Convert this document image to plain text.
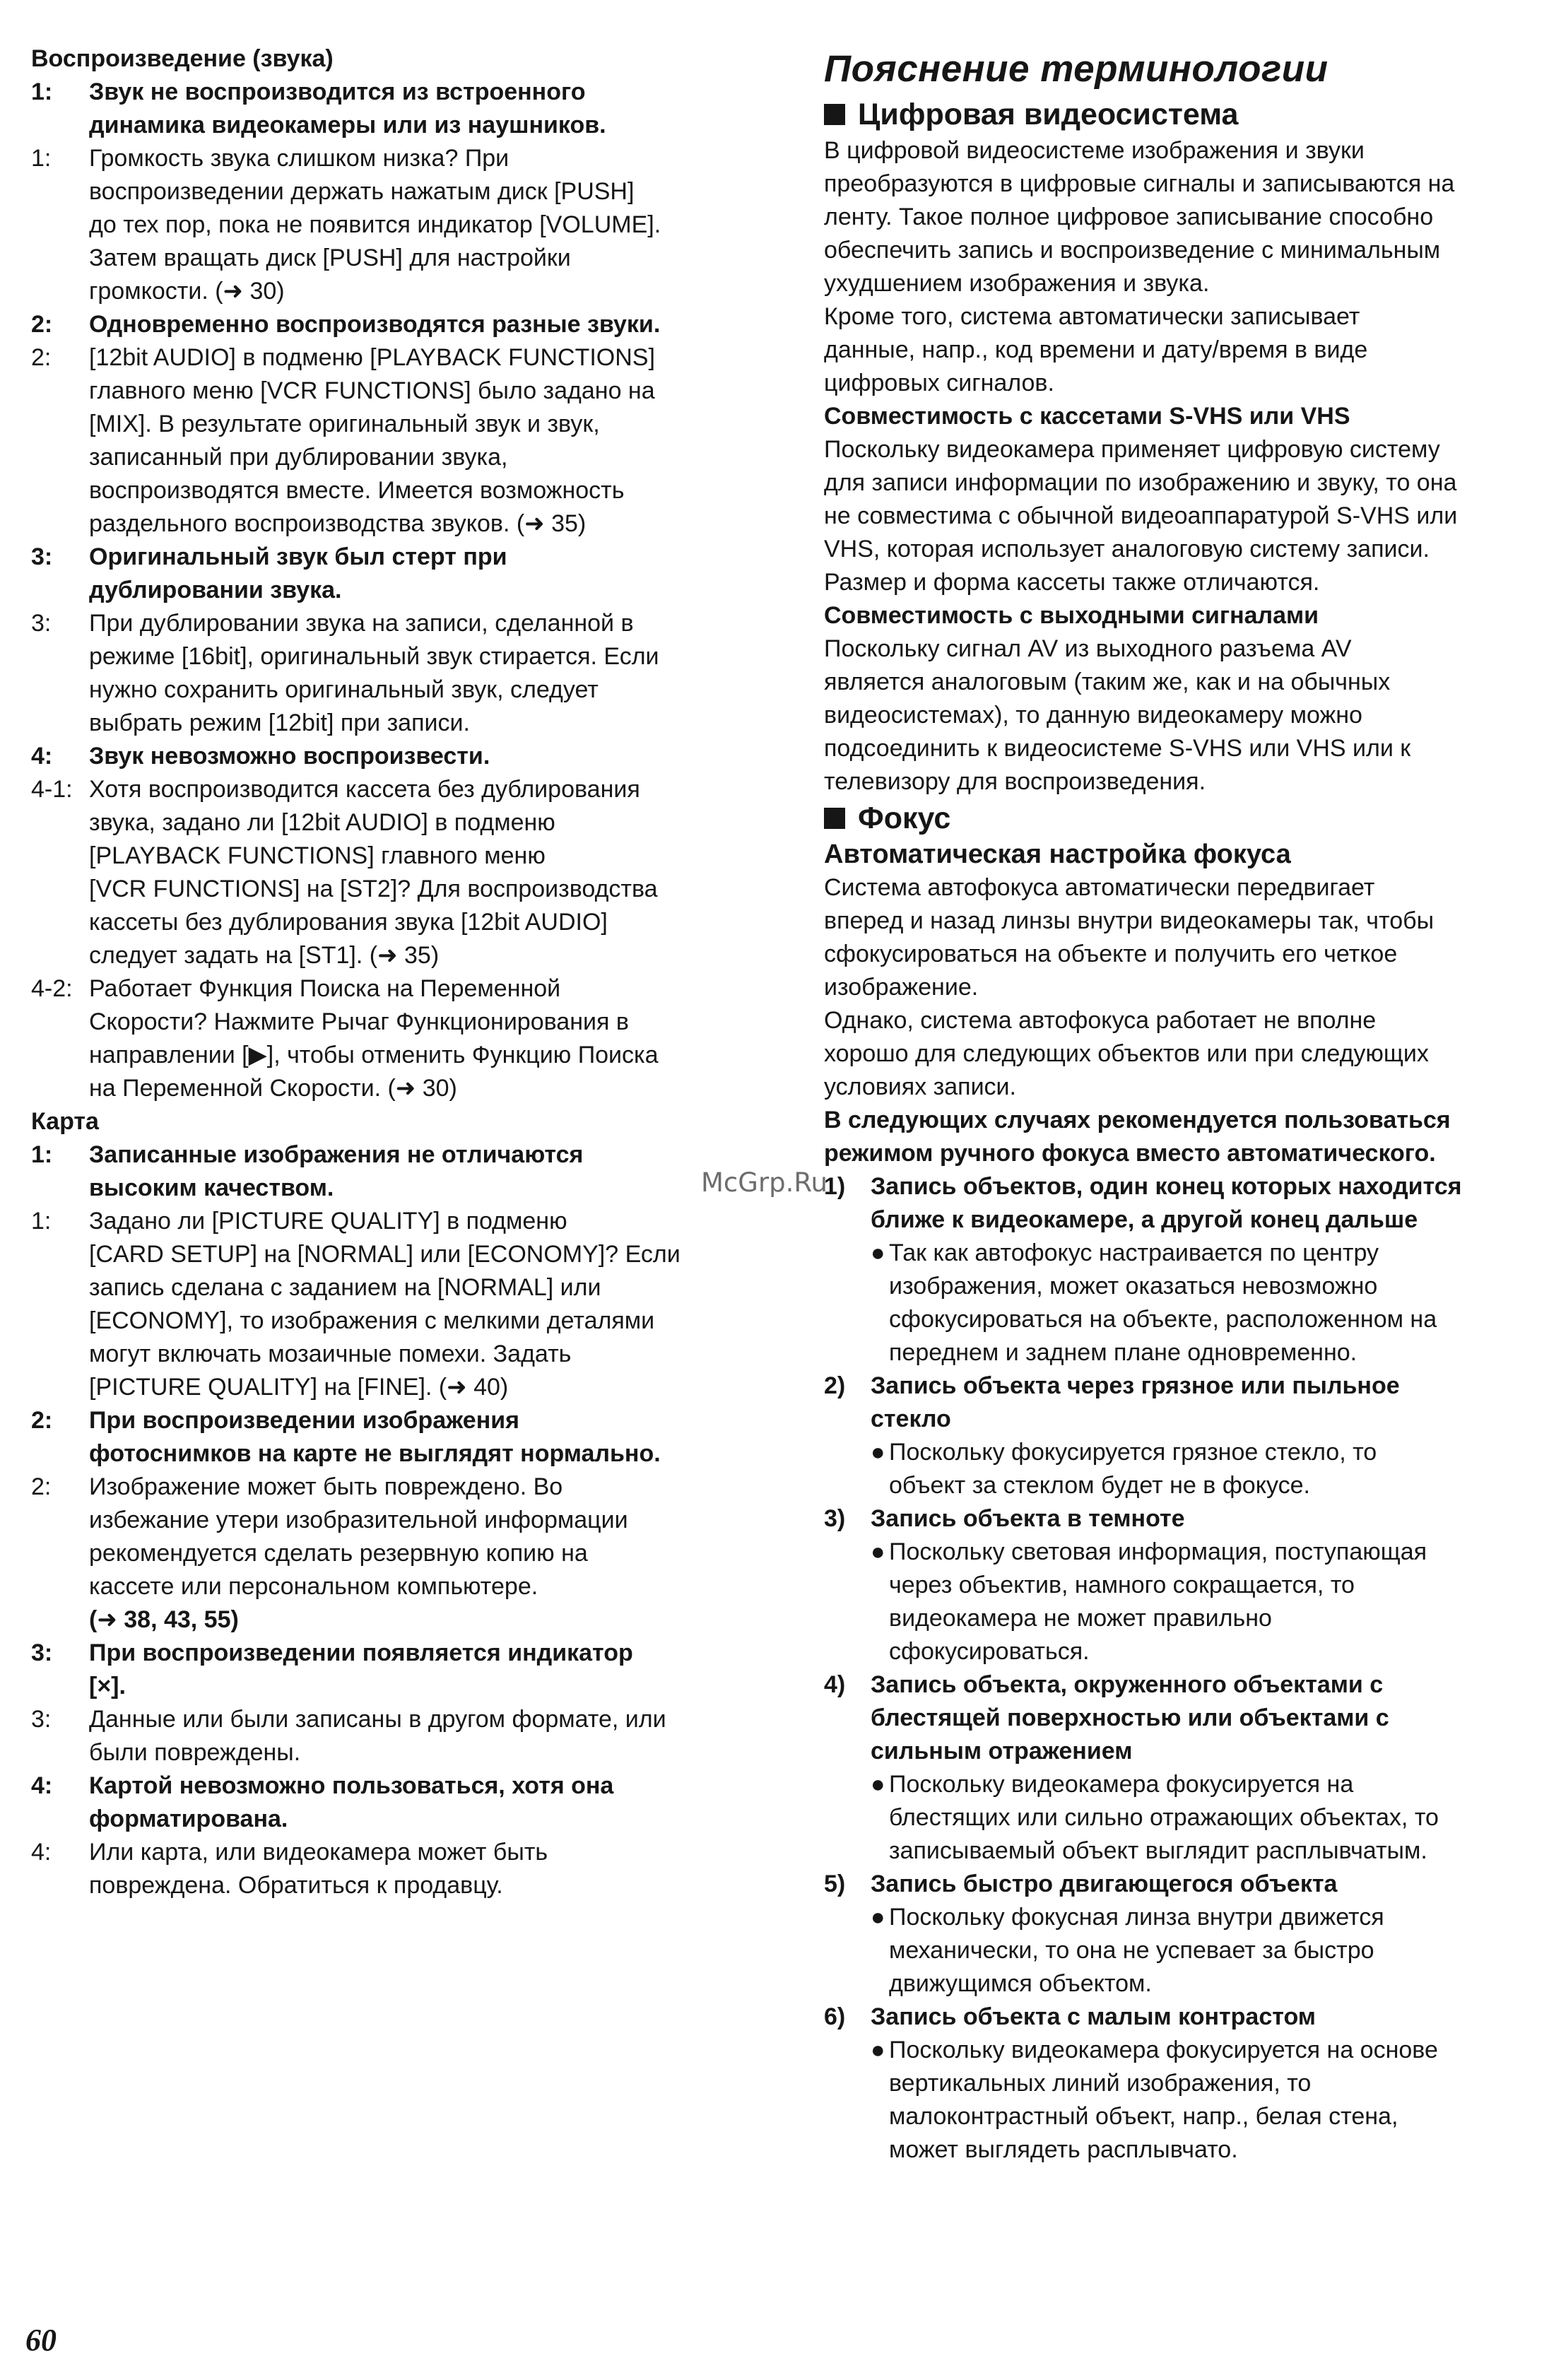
Воспроизведение (звука)
1:	Звук не воспроизводится из встроенного
динамика видеокамеры или из наушников.
1:	Громкость звука слишком низка? При
воспроизведении держать нажатым диск [PUSH]
до тех пор, пока не появится индикатор [VOLUME].
Затем вращать диск [PUSH] для настройки
громкости. (➜ 30)
2:	Одновременно воспроизводятся разные звуки.
2:	[12bit AUDIO] в подменю [PLAYBACK FUNCTIONS]
главного меню [VCR FUNCTIONS] было задано на
[MIX]. В результате оригинальный звук и звук,
записанный при дублировании звука,
воспроизводятся вместе. Имеется возможность
раздельного воспроизводства звуков. (➜ 35)
3:	Оригинальный звук был стерт при
дублировании звука.
3:	При дублировании звука на записи, сделанной в
режиме [16bit], оригинальный звук стирается. Если
нужно сохранить оригинальный звук, следует
выбрать режим [12bit] при записи.
4:	Звук невозможно воспроизвести.
4-1: Хотя воспроизводится кассета без дублирования
звука, задано ли [12bit AUDIO] в подменю
[PLAYBACK FUNCTIONS] главного меню
[VCR FUNCTIONS] на [ST2]? Для воспроизводства
кассеты без дублирования звука [12bit AUDIO]
следует задать на [ST1]. (➜ 35)
4-2: Работает Функция Поиска на Переменной
Скорости? Нажмите Рычаг Функционирования в
направлении [▶], чтобы отменить Функцию Поиска
на Переменной Скорости. (➜ 30)
Карта
1:	Записанные изображения не отличаются
высоким качеством.
1:	Задано ли [PICTURE QUALITY] в подменю
[CARD SETUP] на [NORMAL] или [ECONOMY]? Если
запись сделана с заданием на [NORMAL] или
[ECONOMY], то изображения с мелкими деталями
могут включать мозаичные помехи. Задать
[PICTURE QUALITY] на [FINE]. (➜ 40)
2:	При воспроизведении изображения
фотоснимков на карте не выглядят нормально.
2:	Изображение может быть повреждено. Во
избежание утери изобразительной информации
рекомендуется сделать резервную копию на
кассете или персональном компьютере.
(➜ 38, 43, 55)
3:	При воспроизведении появляется индикатор
[×].
3:	Данные или были записаны в другом формате, или
были повреждены.
4:	Картой невозможно пользоваться, хотя она
форматирована.
4:	Или карта, или видеокамера может быть
повреждена. Обратиться к продавцу.
Пояснение терминологии
Цифровая видеосистема
В цифровой видеосистеме изображения и звуки
преобразуются в цифровые сигналы и записываются на
ленту. Такое полное цифровое записывание способно
обеспечить запись и воспроизведение с минимальным
ухудшением изображения и звука.
Кроме того, система автоматически записывает
данные, напр., код времени и дату/время в виде
цифровых сигналов.
Совместимость с кассетами S-VHS или VHS
Поскольку видеокамера применяет цифровую систему
для записи информации по изображению и звуку, то она
не совместима с обычной видеоаппаратурой S-VHS или
VHS, которая использует аналоговую систему записи.
Размер и форма кассеты также отличаются.
Совместимость с выходными сигналами
Поскольку сигнал AV из выходного разъема AV
является аналоговым (таким же, как и на обычных
видеосистемах), то данную видеокамеру можно
подсоединить к видеосистеме S-VHS или VHS или к
телевизору для воспроизведения.
Фокус
Автоматическая настройка фокуса
Система автофокуса автоматически передвигает
вперед и назад линзы внутри видеокамеры так, чтобы
сфокусироваться на объекте и получить его четкое
изображение.
Однако, система автофокуса работает не вполне
хорошо для следующих объектов или при следующих
условиях записи.
В следующих случаях рекомендуется пользоваться
режимом ручного фокуса вместо автоматического.
1)	Запись объектов, один конец которых находится
ближе к видеокамере, а другой конец дальше
● Так как автофокус настраивается по центру
изображения, может оказаться невозможно
сфокусироваться на объекте, расположенном на
переднем и заднем плане одновременно.
2)	Запись объекта через грязное или пыльное
стекло
● Поскольку фокусируется грязное стекло, то
объект за стеклом будет не в фокусе.
3)	Запись объекта в темноте
● Поскольку световая информация, поступающая
через объектив, намного сокращается, то
видеокамера не может правильно
сфокусироваться.
4)	Запись объекта, окруженного объектами с
блестящей поверхностью или объектами с
сильным отражением
● Поскольку видеокамера фокусируется на
блестящих или сильно отражающих объектах, то
записываемый объект выглядит расплывчатым.
5)	Запись быстро двигающегося объекта
● Поскольку фокусная линза внутри движется
механически, то она не успевает за быстро
движущимся объектом.
6)	Запись объекта с малым контрастом
● Поскольку видеокамера фокусируется на основе
вертикальных линий изображения, то
малоконтрастный объект, напр., белая стена,
может выглядеть расплывчато.
McGrp.Ru
60
